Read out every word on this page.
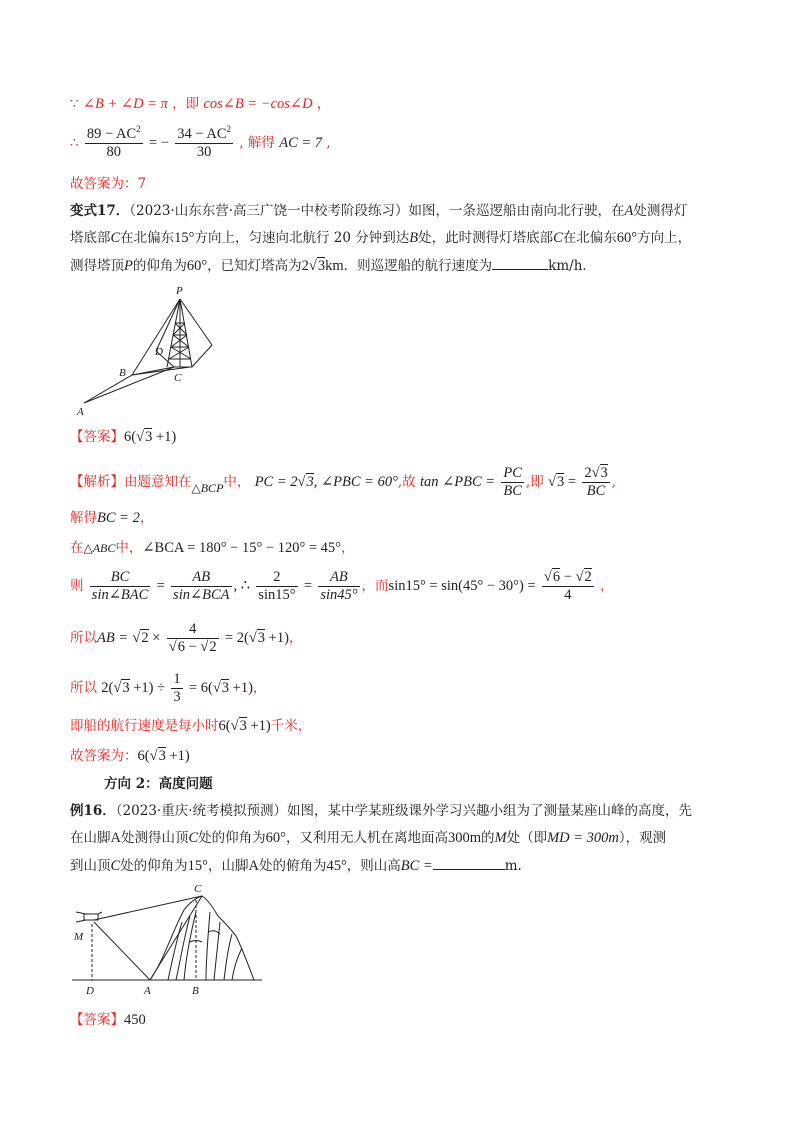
∵ ∠B + ∠D = π ，即 cos∠B = −cos∠D ，
∴ $\frac{89 - AC^2}{80}$ = − $\frac{34 - AC^2}{30}$ , 解得 AC = 7 ,
故答案为：7
变式17．（2023·山东东营·高三广饶一中校考阶段练习）如图，一条巡逻船由南向北行驶，在A处测得灯
塔底部C在北偏东15°方向上，匀速向北航行 20 分钟到达B处，此时测得灯塔底部C在北偏东60°方向上，
测得塔顶P的仰角为60°，已知灯塔高为2√3km．则巡逻船的航行速度为	km/h．
P
D
B	C
A
【答案】6(√3 +1)
【解析】由题意知在△BCP中， PC = 2√3, ∠PBC = 60°,故 tan ∠PBC = $\frac{PC}{BC}$ ,即 $√3 = \frac{2√3}{BC}$ ,
解得BC = 2，
在△ABC中，∠BCA = 180° − 15° − 120° = 45°，
则 $\frac{BC}{\text{sin∠BAC}} = \frac{AB}{\text{sin∠BCA}}$ , ∴ $\frac{2}{\sin 15^\circ} = \frac{AB}{\sin 45^\circ}$ ，而$\sin 15^\circ = \sin(45^\circ - 30^\circ) = \frac{√6 - √2}{4}$ ，
所以AB = $√2 \times \frac{4}{√6 - √2} = 2(√3 +1)$，
所以 $2(√3 +1) \div \frac{1}{3} = 6(√3 +1)$，
即船的航行速度是每小时6(√3 +1)千米，
故答案为：6(√3 +1)
方向 2：高度问题
例16．（2023·重庆·统考模拟预测）如图，某中学某班级课外学习兴趣小组为了测量某座山峰的高度，先
在山脚A处测得山顶C处的仰角为60°，又利用无人机在离地面高300m的M处（即MD = 300m），观测
到山顶C处的仰角为15°，山脚A处的俯角为45°，则山高BC =	m.
C
M
D	A	B
【答案】450
